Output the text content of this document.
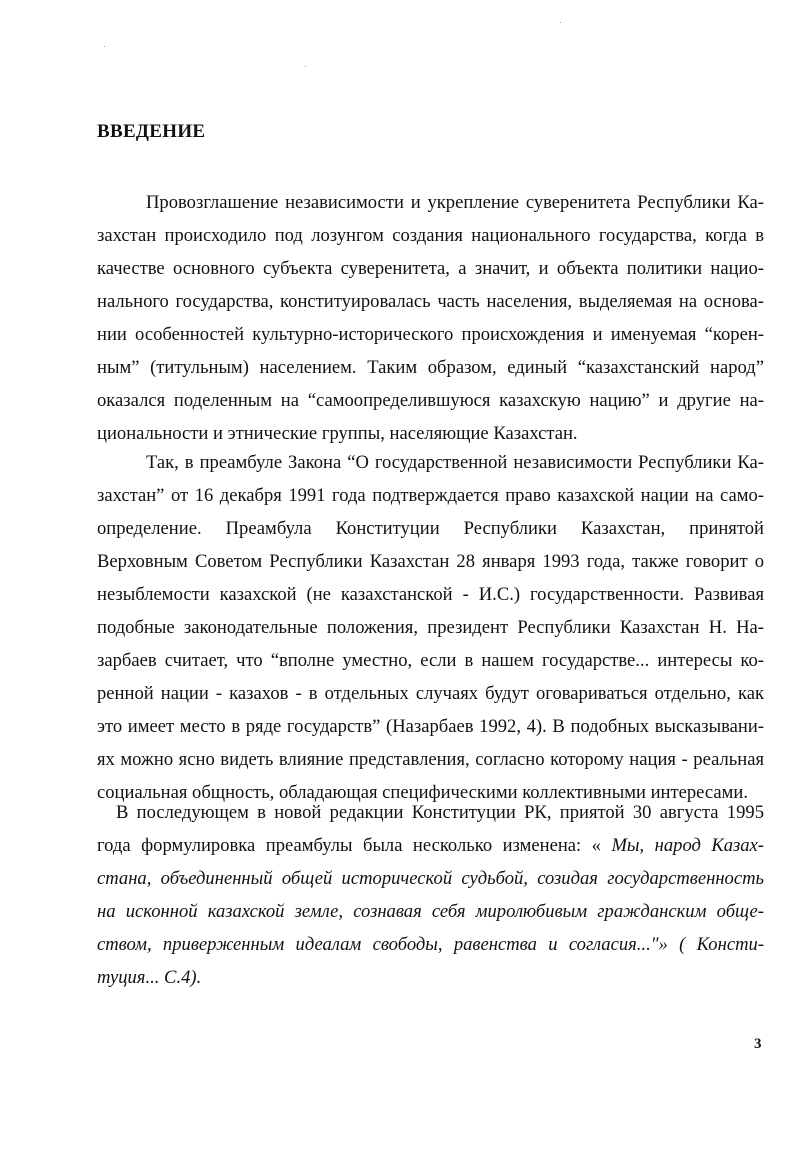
ВВЕДЕНИЕ
Провозглашение независимости и укрепление суверенитета Республики Ка-
захстан происходило под лозунгом создания национального государства, когда в
качестве основного субъекта суверенитета, а значит, и объекта политики нацио-
нального государства, конституировалась часть населения, выделяемая на основа-
нии особенностей культурно-исторического происхождения и именуемая “корен-
ным” (титульным) населением. Таким образом, единый “казахстанский народ”
оказался поделенным на “самоопределившуюся казахскую нацию” и другие на-
циональности и этнические группы, населяющие Казахстан.
Так, в преамбуле Закона “О государственной независимости Республики Ка-
захстан” от 16 декабря 1991 года подтверждается право казахской нации на само-
определение. Преамбула Конституции Республики Казахстан, принятой
Верховным Советом Республики Казахстан 28 января 1993 года, также говорит о
незыблемости казахской (не казахстанской - И.С.) государственности. Развивая
подобные законодательные положения, президент Республики Казахстан Н. На-
зарбаев считает, что “вполне уместно, если в нашем государстве... интересы ко-
ренной нации - казахов - в отдельных случаях будут оговариваться отдельно, как
это имеет место в ряде государств” (Назарбаев 1992, 4). В подобных высказывани-
ях можно ясно видеть влияние представления, согласно которому нация - реальная
социальная общность, обладающая специфическими коллективными интересами.
В последующем в новой редакции Конституции РК, приятой 30 августа 1995
года формулировка преамбулы была несколько изменена: « Мы, народ Казах-
стана, объединенный общей исторической судьбой, созидая государственность
на исконной казахской земле, сознавая себя миролюбивым гражданским обще-
ством, приверженным идеалам свободы, равенства и согласия..."» ( Консти-
туция... С.4).
3
